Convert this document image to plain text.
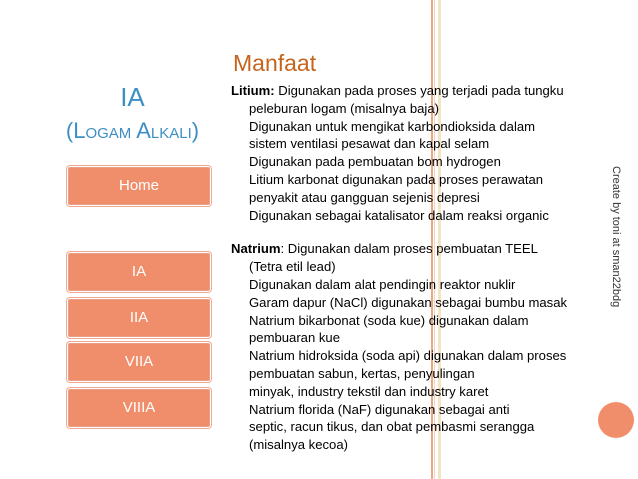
IA
(Logam Alkali)
Home
IA
IIA
VIIA
VIIIA
Manfaat
Litium: Digunakan pada proses yang terjadi pada tungku
peleburan logam (misalnya baja)
Digunakan untuk mengikat karbondioksida dalam
sistem ventilasi pesawat dan kapal selam
Digunakan pada pembuatan bom hydrogen
Litium karbonat digunakan pada proses perawatan
penyakit atau gangguan sejenis depresi
Digunakan sebagai katalisator dalam reaksi organic
Natrium: Digunakan dalam proses pembuatan TEEL
(Tetra etil lead)
Digunakan dalam alat pendingin reaktor nuklir
Garam dapur (NaCl) digunakan sebagai bumbu masak
Natrium bikarbonat (soda kue) digunakan dalam
pembuaran kue
Natrium hidroksida (soda api) digunakan dalam proses
pembuatan sabun, kertas, penyulingan
minyak, industry tekstil dan industry karet
Natrium florida (NaF) digunakan sebagai anti
septic, racun tikus, dan obat pembasmi serangga
(misalnya kecoa)
Create by toni at sman22bdg
